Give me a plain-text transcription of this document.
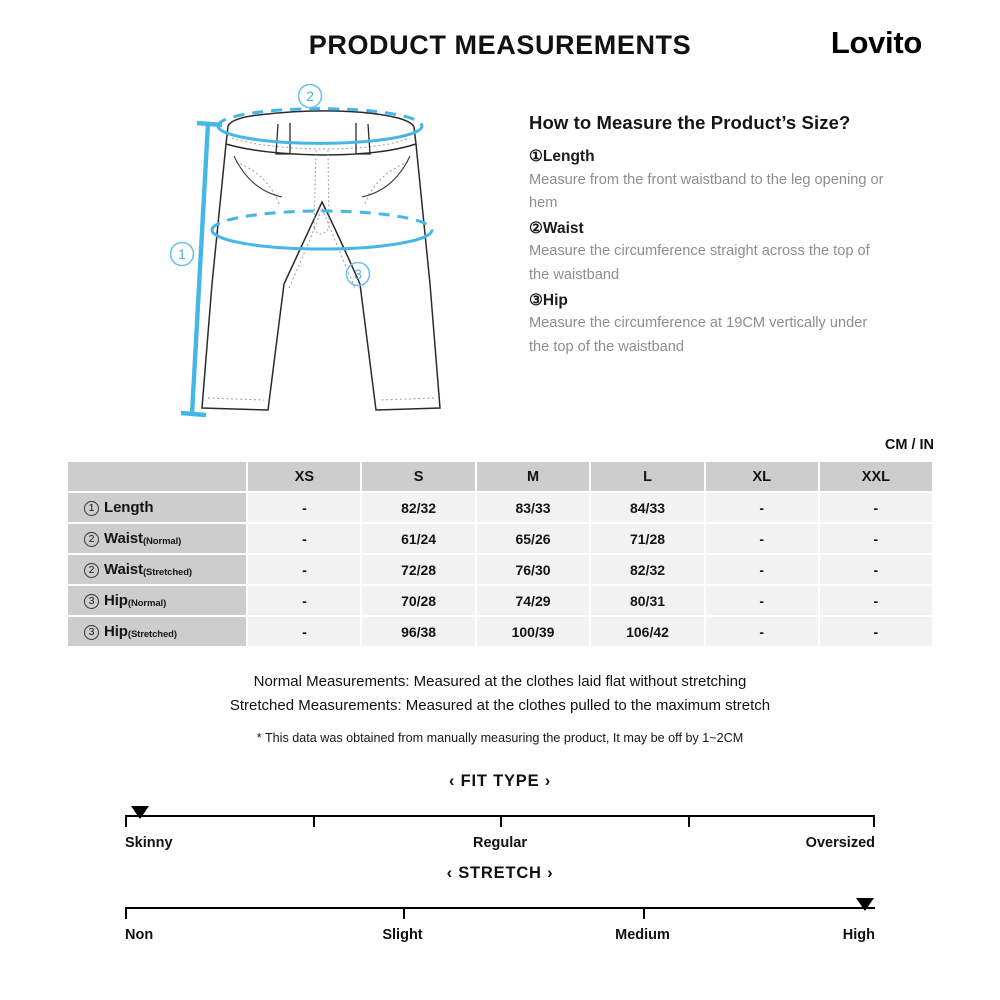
PRODUCT MEASUREMENTS	Lovito
2
3
1
How to Measure the Product’s Size?
①Length
Measure from the front waistband to the leg opening or hem
②Waist
Measure the circumference straight across the top of the waistband
③Hip
Measure the circumference at 19CM vertically under the top of the waistband
CM / IN
	XS	S	M	L	XL	XXL
1 Length	-	82/32	83/33	84/33	-	-
2 Waist(Normal)	-	61/24	65/26	71/28	-	-
2 Waist(Stretched)	-	72/28	76/30	82/32	-	-
3 Hip(Normal)	-	70/28	74/29	80/31	-	-
3 Hip(Stretched)	-	96/38	100/39	106/42	-	-
Normal Measurements: Measured at the clothes laid flat without stretching
Stretched Measurements: Measured at the clothes pulled to the maximum stretch
* This data was obtained from manually measuring the product, It may be off by 1~2CM
‹ FIT TYPE ›
Skinny	Regular	Oversized
‹ STRETCH ›
Non	Slight	Medium	High
